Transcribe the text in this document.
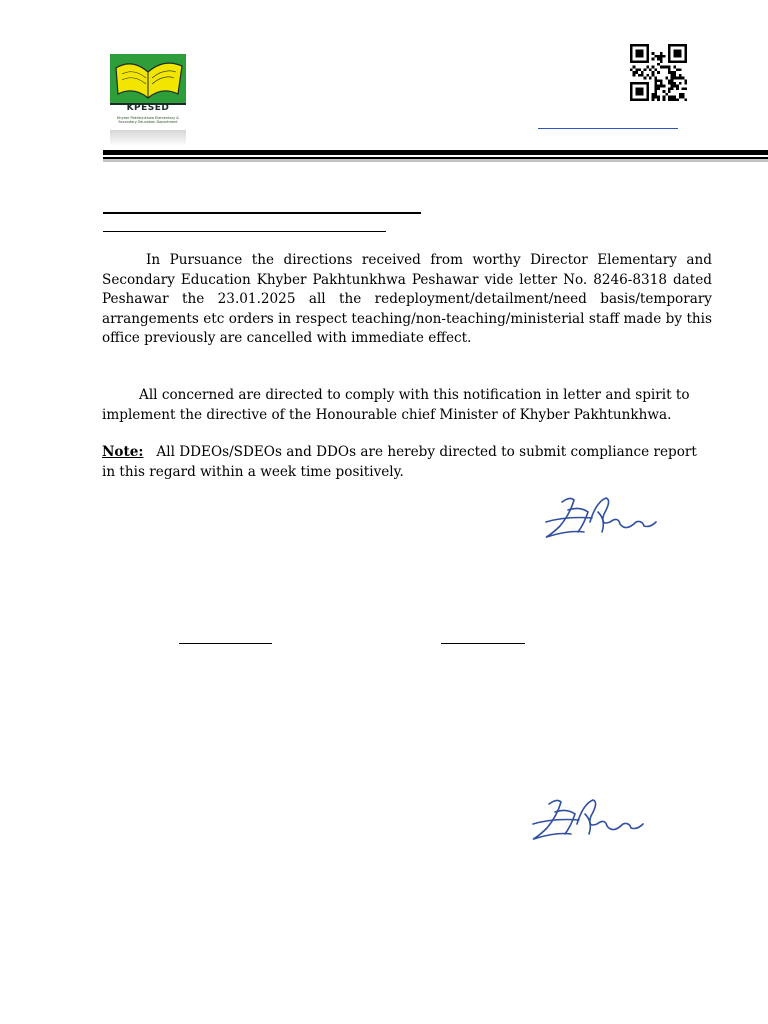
KPESED
Khyber Pakhtunkhwa Elementary & Secondary Education Department

In Pursuance the directions received from worthy Director Elementary and Secondary Education Khyber Pakhtunkhwa Peshawar vide letter No. 8246-8318 dated Peshawar the 23.01.2025 all the redeployment/detailment/need basis/temporary arrangements etc orders in respect teaching/non-teaching/ministerial staff made by this office previously are cancelled with immediate effect.

All concerned are directed to comply with this notification in letter and spirit to implement the directive of the Honourable chief Minister of Khyber Pakhtunkhwa.

Note: All DDEOs/SDEOs and DDOs are hereby directed to submit compliance report in this regard within a week time positively.
